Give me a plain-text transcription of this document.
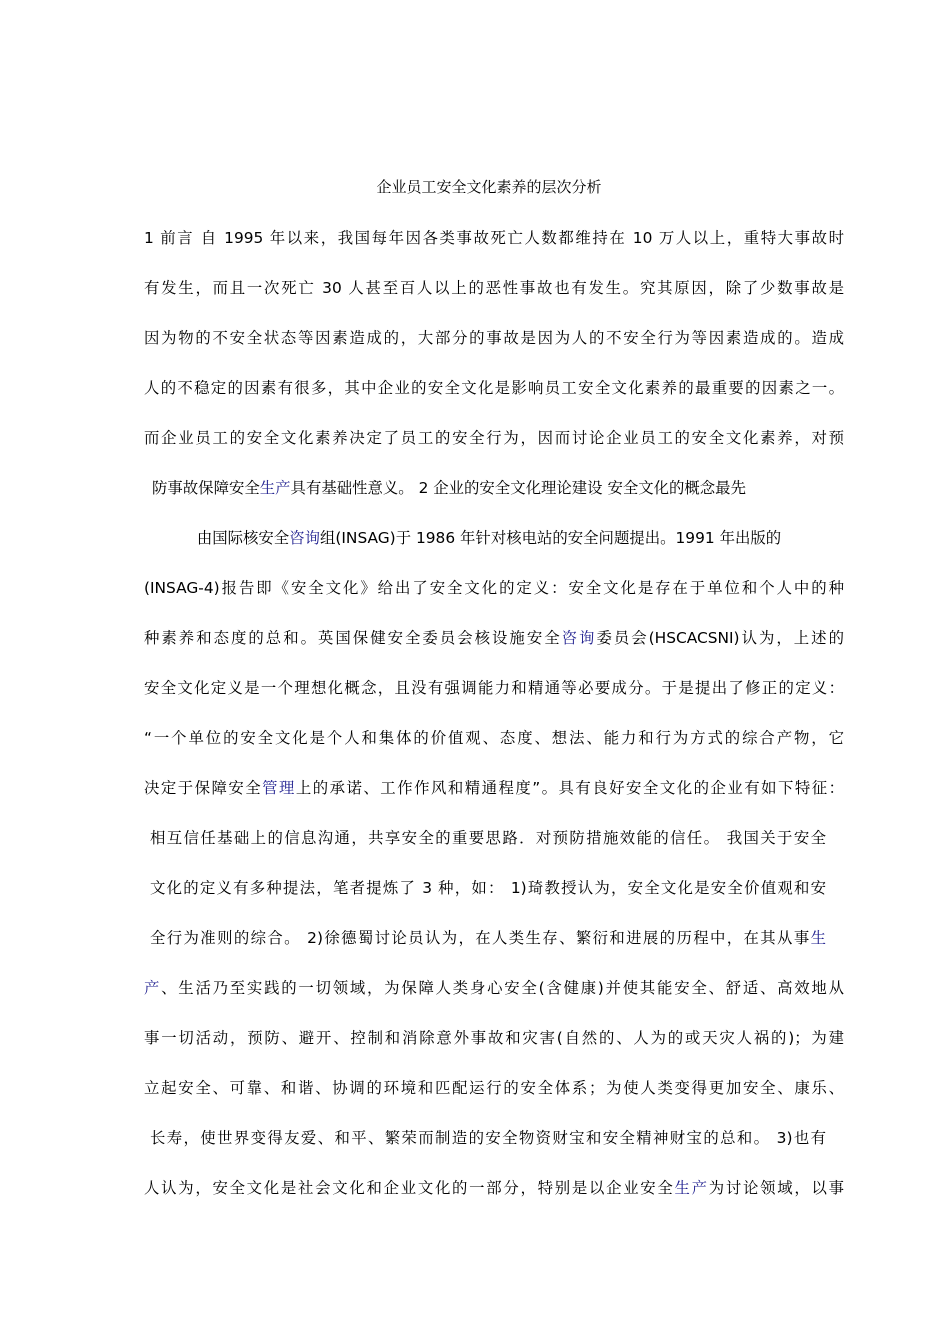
企业员工安全文化素养的层次分析
1 前言 自 1995 年以来，我国每年因各类事故死亡人数都维持在 10 万人以上，重特大事故时
有发生，而且一次死亡 30 人甚至百人以上的恶性事故也有发生。究其原因，除了少数事故是
因为物的不安全状态等因素造成的，大部分的事故是因为人的不安全行为等因素造成的。造成
人的不稳定的因素有很多，其中企业的安全文化是影响员工安全文化素养的最重要的因素之一。
而企业员工的安全文化素养决定了员工的安全行为，因而讨论企业员工的安全文化素养，对预
防事故保障安全生产具有基础性意义。 2 企业的安全文化理论建设 安全文化的概念最先
由国际核安全咨询组(INSAG)于 1986 年针对核电站的安全问题提出。1991 年出版的
(INSAG-4)报告即《安全文化》给出了安全文化的定义：安全文化是存在于单位和个人中的种
种素养和态度的总和。英国保健安全委员会核设施安全咨询委员会(HSCACSNI)认为，上述的
安全文化定义是一个理想化概念，且没有强调能力和精通等必要成分。于是提出了修正的定义：
“一个单位的安全文化是个人和集体的价值观、态度、想法、能力和行为方式的综合产物，它
决定于保障安全管理上的承诺、工作作风和精通程度”。具有良好安全文化的企业有如下特征：
相互信任基础上的信息沟通，共享安全的重要思路．对预防措施效能的信任。 我国关于安全
文化的定义有多种提法，笔者提炼了 3 种，如： 1)琦教授认为，安全文化是安全价值观和安
全行为准则的综合。 2)徐德蜀讨论员认为，在人类生存、繁衍和进展的历程中，在其从事生
产、生活乃至实践的一切领域，为保障人类身心安全(含健康)并使其能安全、舒适、高效地从
事一切活动，预防、避开、控制和消除意外事故和灾害(自然的、人为的或天灾人祸的)；为建
立起安全、可靠、和谐、协调的环境和匹配运行的安全体系；为使人类变得更加安全、康乐、
长寿，使世界变得友爱、和平、繁荣而制造的安全物资财宝和安全精神财宝的总和。 3)也有
人认为，安全文化是社会文化和企业文化的一部分，特别是以企业安全生产为讨论领域，以事
